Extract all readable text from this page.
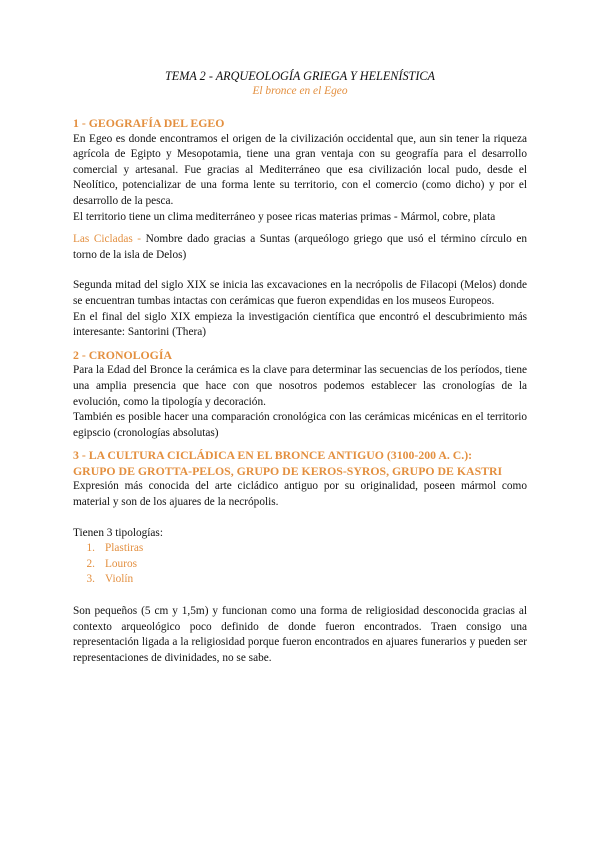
TEMA 2 - ARQUEOLOGÍA GRIEGA Y HELENÍSTICA

El bronce en el Egeo

1 - GEOGRAFÍA DEL EGEO

En Egeo es donde encontramos el origen de la civilización occidental que, aun sin tener la riqueza agrícola de Egipto y Mesopotamia, tiene una gran ventaja con su geografía para el desarrollo comercial y artesanal. Fue gracias al Mediterráneo que esa civilización local pudo, desde el Neolítico, potencializar de una forma lente su territorio, con el comercio (como dicho) y por el desarrollo de la pesca.

El territorio tiene un clima mediterráneo y posee ricas materias primas - Mármol, cobre, plata

Las Cicladas - Nombre dado gracias a Suntas (arqueólogo griego que usó el término círculo en torno de la isla de Delos)

Segunda mitad del siglo XIX se inicia las excavaciones en la necrópolis de Filacopi (Melos) donde se encuentran tumbas intactas con cerámicas que fueron expendidas en los museos Europeos.

En el final del siglo XIX empieza la investigación científica que encontró el descubrimiento más interesante: Santorini (Thera)

2 - CRONOLOGÍA

Para la Edad del Bronce la cerámica es la clave para determinar las secuencias de los períodos, tiene una amplia presencia que hace con que nosotros podemos establecer las cronologías de la evolución, como la tipología y decoración.

También es posible hacer una comparación cronológica con las cerámicas micénicas en el territorio egipscio (cronologías absolutas)

3 - LA CULTURA CICLÁDICA EN EL BRONCE ANTIGUO (3100-200 A. C.):
GRUPO DE GROTTA-PELOS, GRUPO DE KEROS-SYROS, GRUPO DE KASTRI

Expresión más conocida del arte cicládico antiguo por su originalidad, poseen mármol como material y son de los ajuares de la necrópolis.

Tienen 3 tipologías:

1. Plastiras
2. Louros
3. Violín

Son pequeños (5 cm y 1,5m) y funcionan como una forma de religiosidad desconocida gracias al contexto arqueológico poco definido de donde fueron encontrados. Traen consigo una representación ligada a la religiosidad porque fueron encontrados en ajuares funerarios y pueden ser representaciones de divinidades, no se sabe.
